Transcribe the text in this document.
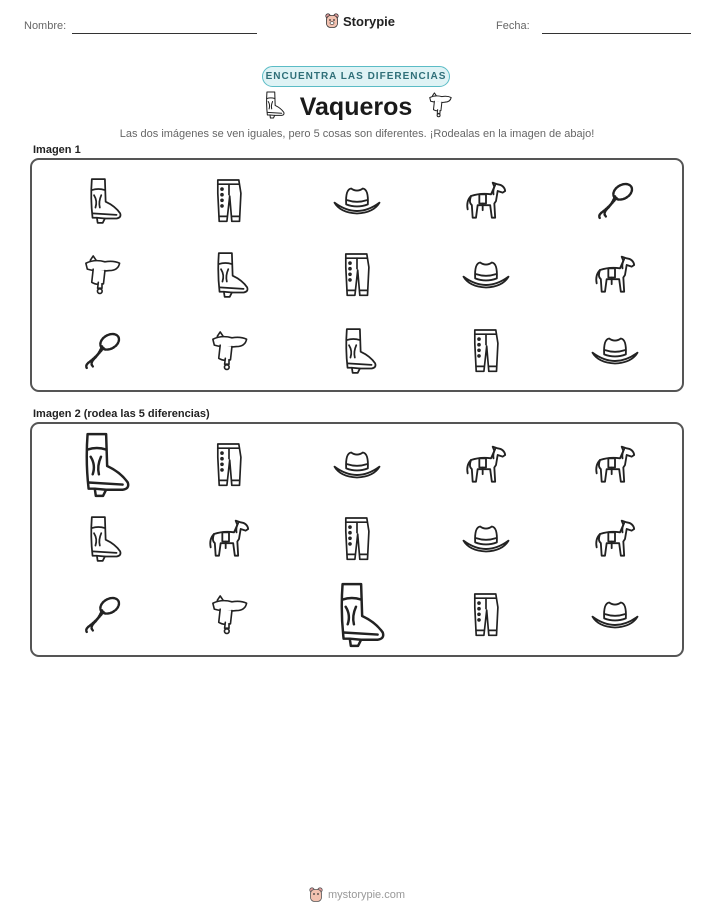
Nombre:	Storypie	Fecha:
ENCUENTRA LAS DIFERENCIAS
Vaqueros
Las dos imágenes se ven iguales, pero 5 cosas son diferentes. ¡Rodealas en la imagen de abajo!
Imagen 1
Imagen 2 (rodea las 5 diferencias)
mystorypie.com
